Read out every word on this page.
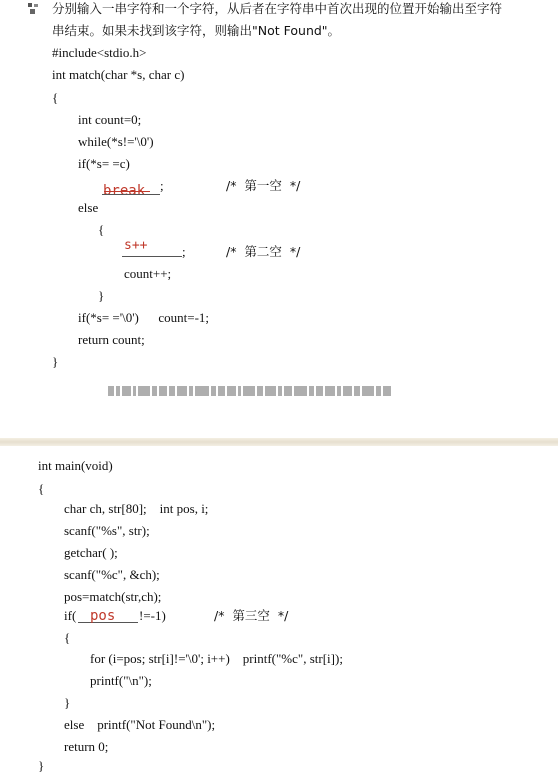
分别输入一串字符和一个字符，从后者在字符串中首次出现的位置开始输出至字符
串结束。如果未找到该字符，则输出"Not Found"。
#include<stdio.h>
int match(char *s, char c)
{
int count=0;
while(*s!='\0')
if(*s= =c)
break ;	/*  第一空  */
else
{
s++	;	/*  第二空  */
count++;
}
if(*s= ='\0')      count=-1;
return count;
}
int main(void)
{
char ch, str[80];    int pos, i;
scanf("%s", str);
getchar( );
scanf("%c", &ch);
pos=match(str,ch);
if( pos !=-1)	/*  第三空  */
{
for (i=pos; str[i]!='\0'; i++)    printf("%c", str[i]);
printf("\n");
}
else    printf("Not Found\n");
return 0;
}
